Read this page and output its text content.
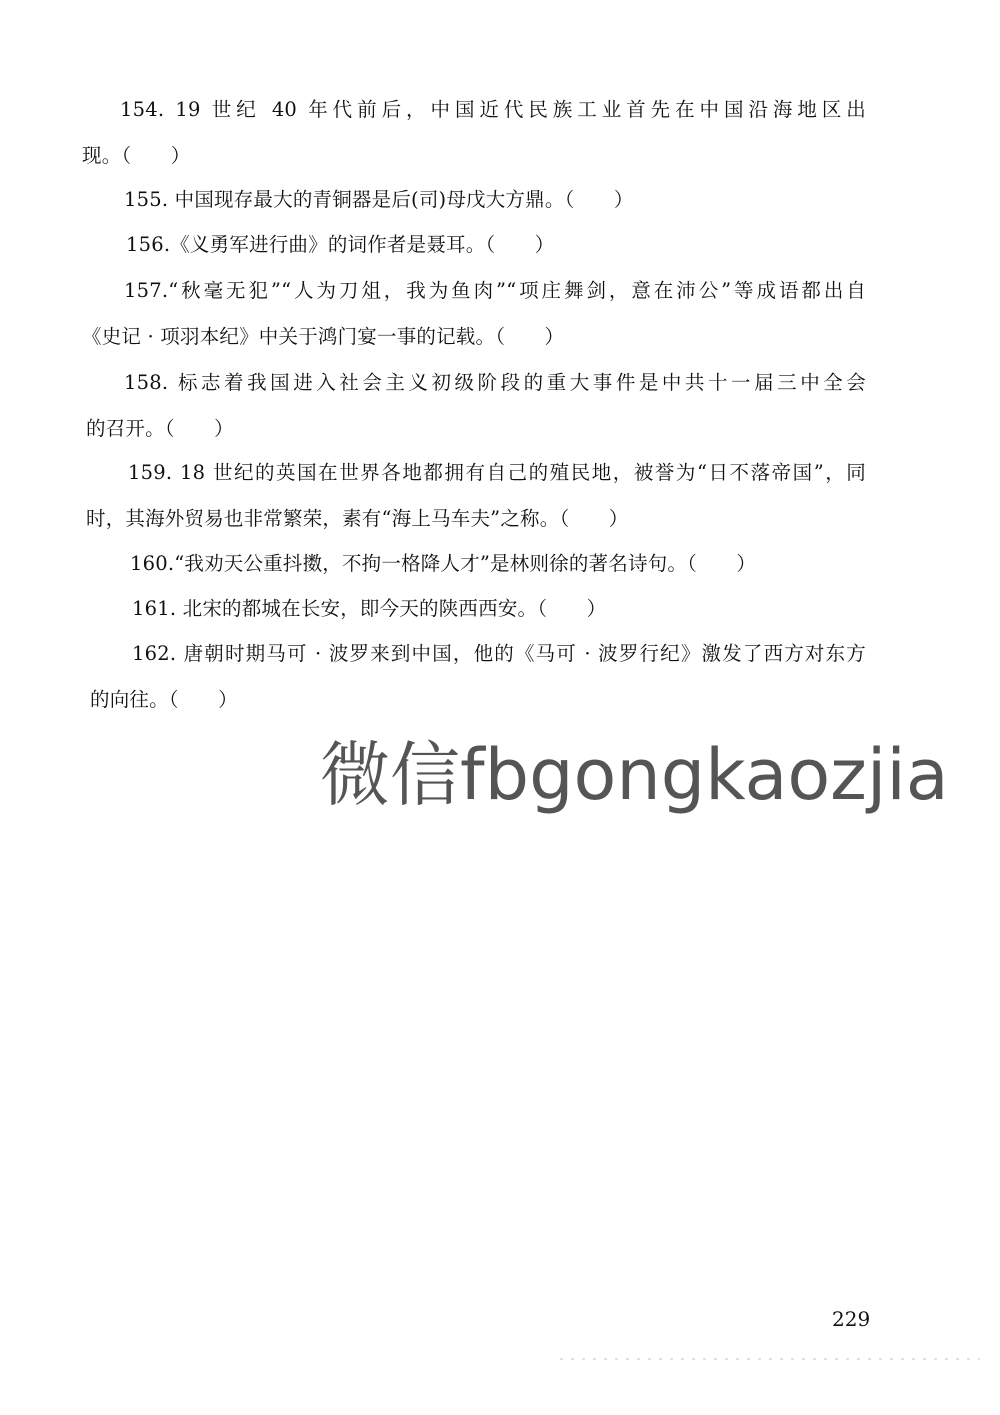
154. 19 世纪 40 年代前后，中国近代民族工业首先在中国沿海地区出
现。（　　）
155. 中国现存最大的青铜器是后(司)母戊大方鼎。（　　）
156.《义勇军进行曲》的词作者是聂耳。（　　）
157.“秋毫无犯”“人为刀俎，我为鱼肉”“项庄舞剑，意在沛公”等成语都出自
《史记 · 项羽本纪》中关于鸿门宴一事的记载。（　　）
158. 标志着我国进入社会主义初级阶段的重大事件是中共十一届三中全会
的召开。（　　）
159. 18 世纪的英国在世界各地都拥有自己的殖民地，被誉为“日不落帝国”，同
时，其海外贸易也非常繁荣，素有“海上马车夫”之称。（　　）
160.“我劝天公重抖擞，不拘一格降人才”是林则徐的著名诗句。（　　）
161. 北宋的都城在长安，即今天的陕西西安。（　　）
162. 唐朝时期马可 · 波罗来到中国，他的《马可 · 波罗行纪》激发了西方对东方
的向往。（　　）
微信fbgongkaozjia
229
